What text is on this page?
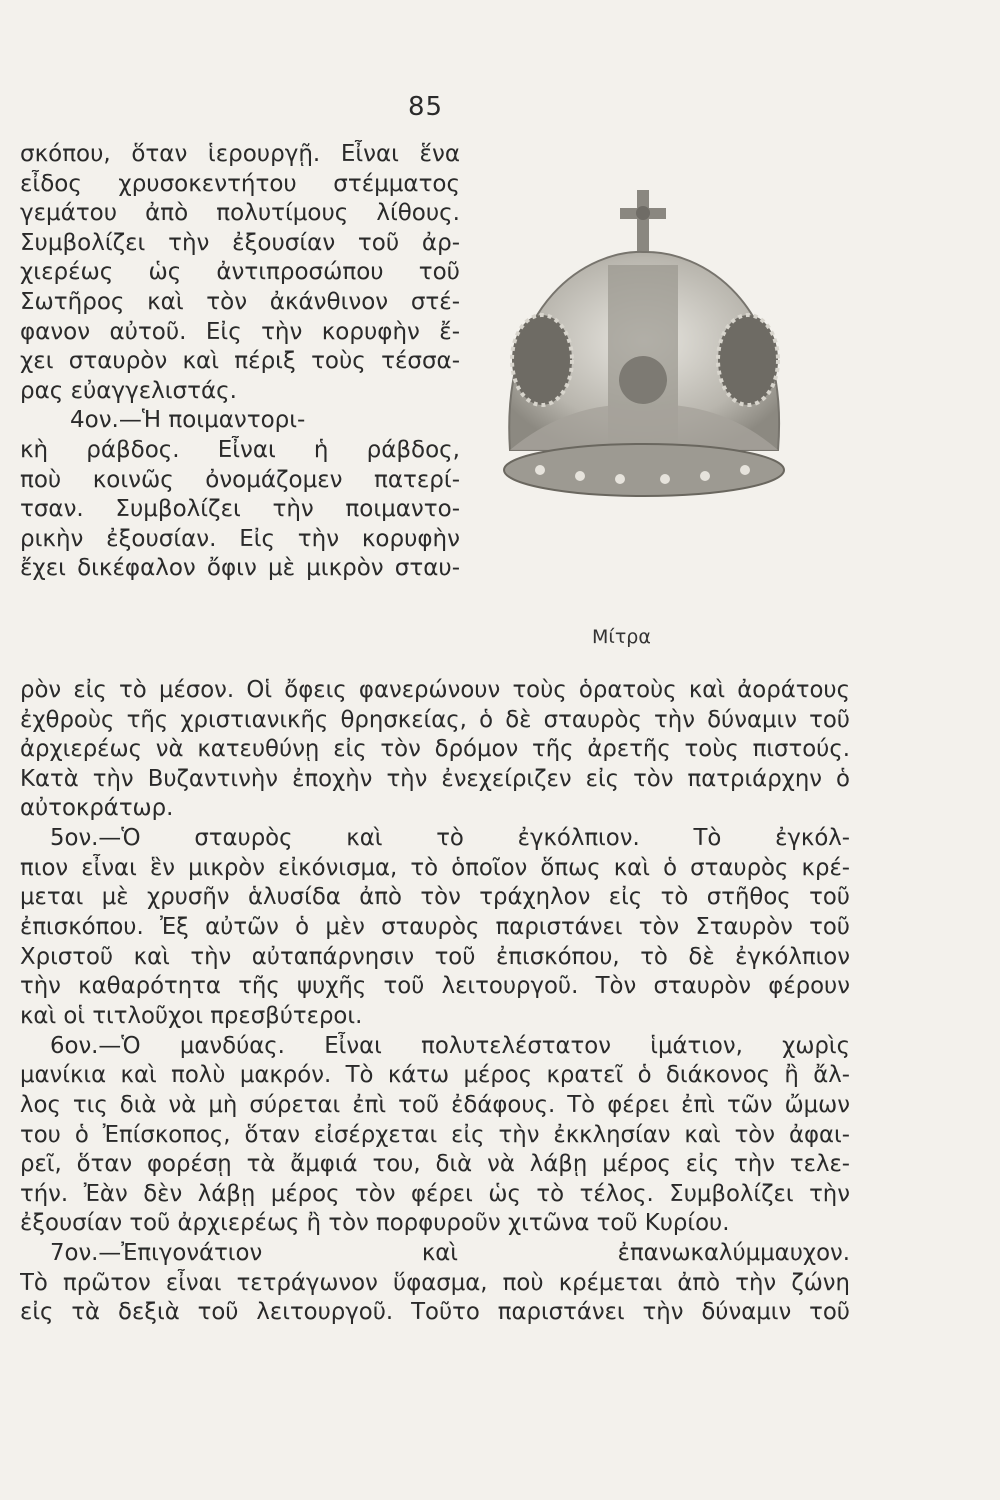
85
σκόπου, ὅταν ἱερουργῇ. Εἶναι ἕνα
εἶδος χρυσοκεντήτου στέμματος
γεμάτου ἀπὸ πολυτίμους λίθους.
Συμβολίζει τὴν ἐξουσίαν τοῦ ἀρ-
χιερέως ὡς ἀντιπροσώπου τοῦ
Σωτῆρος καὶ τὸν ἀκάνθινον στέ-
φανον αὐτοῦ. Εἰς τὴν κορυφὴν ἔ-
χει σταυρὸν καὶ πέριξ τοὺς τέσσα-
ρας εὐαγγελιστάς.
4ον.—Ἡ ποιμαντορι-
κὴ ράβδος. Εἶναι ἡ ράβδος,
ποὺ κοινῶς ὀνομάζομεν πατερί-
τσαν. Συμβολίζει τὴν ποιμαντο-
ρικὴν ἐξουσίαν. Εἰς τὴν κορυφὴν
ἔχει δικέφαλον ὄφιν μὲ μικρὸν σταυ-
Μίτρα
ρὸν εἰς τὸ μέσον. Οἱ ὄφεις φανερώνουν τοὺς ὁρατοὺς καὶ ἀοράτους
ἐχθροὺς τῆς χριστιανικῆς θρησκείας, ὁ δὲ σταυρὸς τὴν δύναμιν τοῦ
ἀρχιερέως νὰ κατευθύνῃ εἰς τὸν δρόμον τῆς ἀρετῆς τοὺς πιστούς.
Κατὰ τὴν Βυζαντινὴν ἐποχὴν τὴν ἐνεχείριζεν εἰς τὸν πατριάρχην ὁ
αὐτοκράτωρ.
5ον.—Ὁ σταυρὸς καὶ τὸ ἐγκόλπιον. Τὸ ἐγκόλ-
πιον εἶναι ἓν μικρὸν εἰκόνισμα, τὸ ὁποῖον ὅπως καὶ ὁ σταυρὸς κρέ-
μεται μὲ χρυσῆν ἁλυσίδα ἀπὸ τὸν τράχηλον εἰς τὸ στῆθος τοῦ
ἐπισκόπου. Ἐξ αὐτῶν ὁ μὲν σταυρὸς παριστάνει τὸν Σταυρὸν τοῦ
Χριστοῦ καὶ τὴν αὐταπάρνησιν τοῦ ἐπισκόπου, τὸ δὲ ἐγκόλπιον
τὴν καθαρότητα τῆς ψυχῆς τοῦ λειτουργοῦ. Τὸν σταυρὸν φέρουν
καὶ οἱ τιτλοῦχοι πρεσβύτεροι.
6ον.—Ὁ μανδύας. Εἶναι πολυτελέστατον ἱμάτιον, χωρὶς
μανίκια καὶ πολὺ μακρόν. Τὸ κάτω μέρος κρατεῖ ὁ διάκονος ἢ ἄλ-
λος τις διὰ νὰ μὴ σύρεται ἐπὶ τοῦ ἐδάφους. Τὸ φέρει ἐπὶ τῶν ὤμων
του ὁ Ἐπίσκοπος, ὅταν εἰσέρχεται εἰς τὴν ἐκκλησίαν καὶ τὸν ἀφαι-
ρεῖ, ὅταν φορέσῃ τὰ ἄμφιά του, διὰ νὰ λάβῃ μέρος εἰς τὴν τελε-
τήν. Ἐὰν δὲν λάβῃ μέρος τὸν φέρει ὡς τὸ τέλος. Συμβολίζει τὴν
ἐξουσίαν τοῦ ἀρχιερέως ἢ τὸν πορφυροῦν χιτῶνα τοῦ Κυρίου.
7ον.—Ἐπιγονάτιον καὶ ἐπανωκαλύμμαυχον.
Τὸ πρῶτον εἶναι τετράγωνον ὕφασμα, ποὺ κρέμεται ἀπὸ τὴν ζώνη
εἰς τὰ δεξιὰ τοῦ λειτουργοῦ. Τοῦτο παριστάνει τὴν δύναμιν τοῦ
